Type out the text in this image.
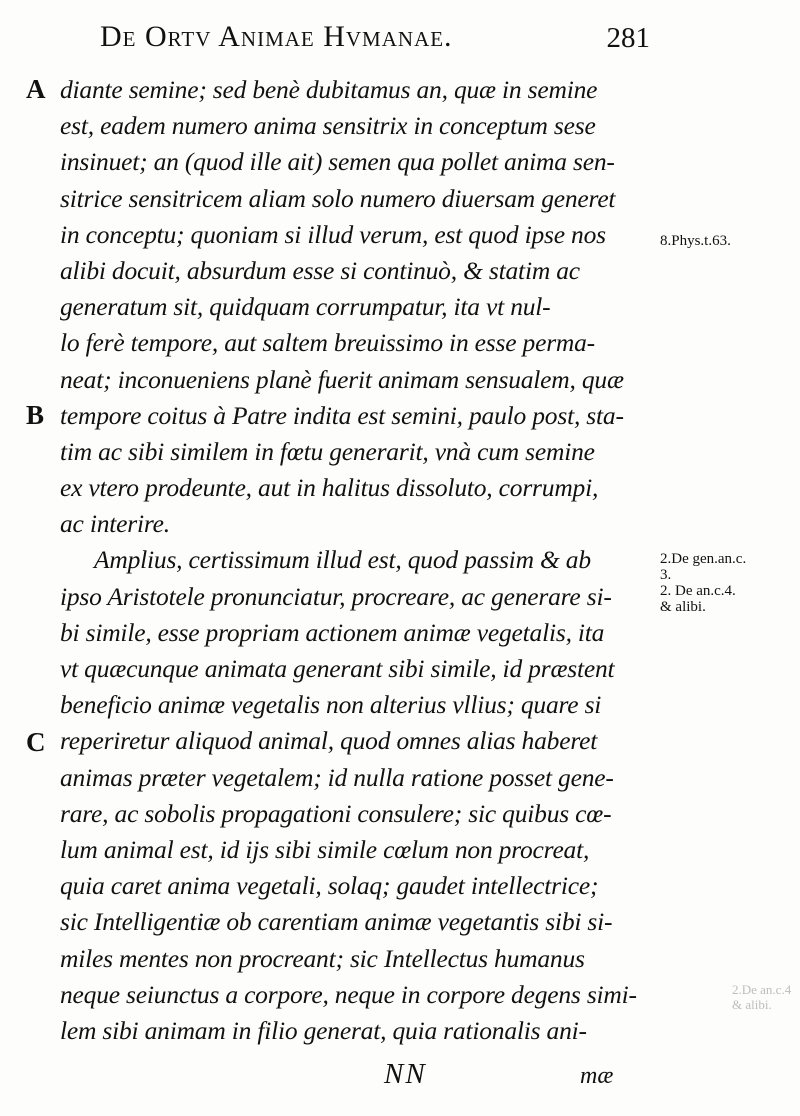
De Ortv Animae Hvmanae.	281
A
B
C
diante semine; sed benè dubitamus an, quæ in semine
est, eadem numero anima sensitrix in conceptum sese
insinuet; an (quod ille ait) semen qua pollet anima sen-
sitrice sensitricem aliam solo numero diuersam generet
in conceptu; quoniam si illud verum, est quod ipse nos
alibi docuit, absurdum esse si continuò, & statim ac
generatum sit, quidquam corrumpatur, ita vt nul-
lo ferè tempore, aut saltem breuissimo in esse perma-
neat; inconueniens planè fuerit animam sensualem, quæ
tempore coitus à Patre indita est semini, paulo post, sta-
tim ac sibi similem in fœtu generarit, vnà cum semine
ex vtero prodeunte, aut in halitus dissoluto, corrumpi,
ac interire.
Amplius, certissimum illud est, quod passim & ab
ipso Aristotele pronunciatur, procreare, ac generare si-
bi simile, esse propriam actionem animæ vegetalis, ita
vt quæcunque animata generant sibi simile, id præstent
beneficio animæ vegetalis non alterius vllius; quare si
reperiretur aliquod animal, quod omnes alias haberet
animas præter vegetalem; id nulla ratione posset gene-
rare, ac sobolis propagationi consulere; sic quibus cœ-
lum animal est, id ijs sibi simile cœlum non procreat,
quia caret anima vegetali, solaq; gaudet intellectrice;
sic Intelligentiæ ob carentiam animæ vegetantis sibi si-
miles mentes non procreant; sic Intellectus humanus
neque seiunctus a corpore, neque in corpore degens simi-
lem sibi animam in filio generat, quia rationalis ani-
8.Phys.t.63.
2.De gen.an.c.
3.
2. De an.c.4.
& alibi.
2.De an.c.4
& alibi.
NN	mæ
